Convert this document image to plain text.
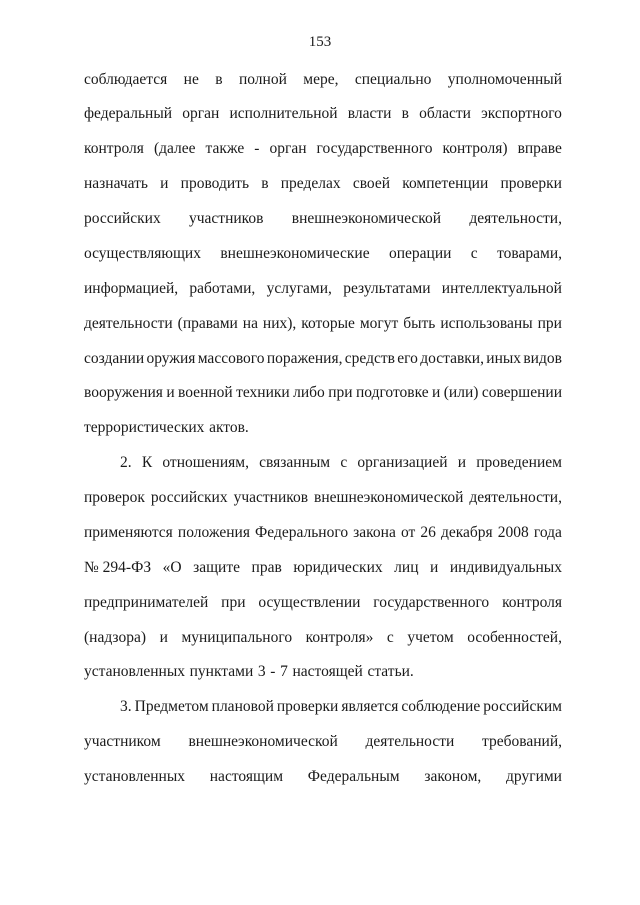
153
соблюдается не в полной мере, специально уполномоченный
федеральный орган исполнительной власти в области экспортного
контроля (далее также - орган государственного контроля) вправе
назначать и проводить в пределах своей компетенции проверки
российских участников внешнеэкономической деятельности,
осуществляющих внешнеэкономические операции с товарами,
информацией, работами, услугами, результатами интеллектуальной
деятельности (правами на них), которые могут быть использованы при
создании оружия массового поражения, средств его доставки, иных видов
вооружения и военной техники либо при подготовке и (или) совершении
террористических актов.
2. К отношениям, связанным с организацией и проведением
проверок российских участников внешнеэкономической деятельности,
применяются положения Федерального закона от 26 декабря 2008 года
№ 294-ФЗ «О защите прав юридических лиц и индивидуальных
предпринимателей при осуществлении государственного контроля
(надзора) и муниципального контроля» с учетом особенностей,
установленных пунктами 3 - 7 настоящей статьи.
3. Предметом плановой проверки является соблюдение российским
участником внешнеэкономической деятельности требований,
установленных настоящим Федеральным законом, другими
